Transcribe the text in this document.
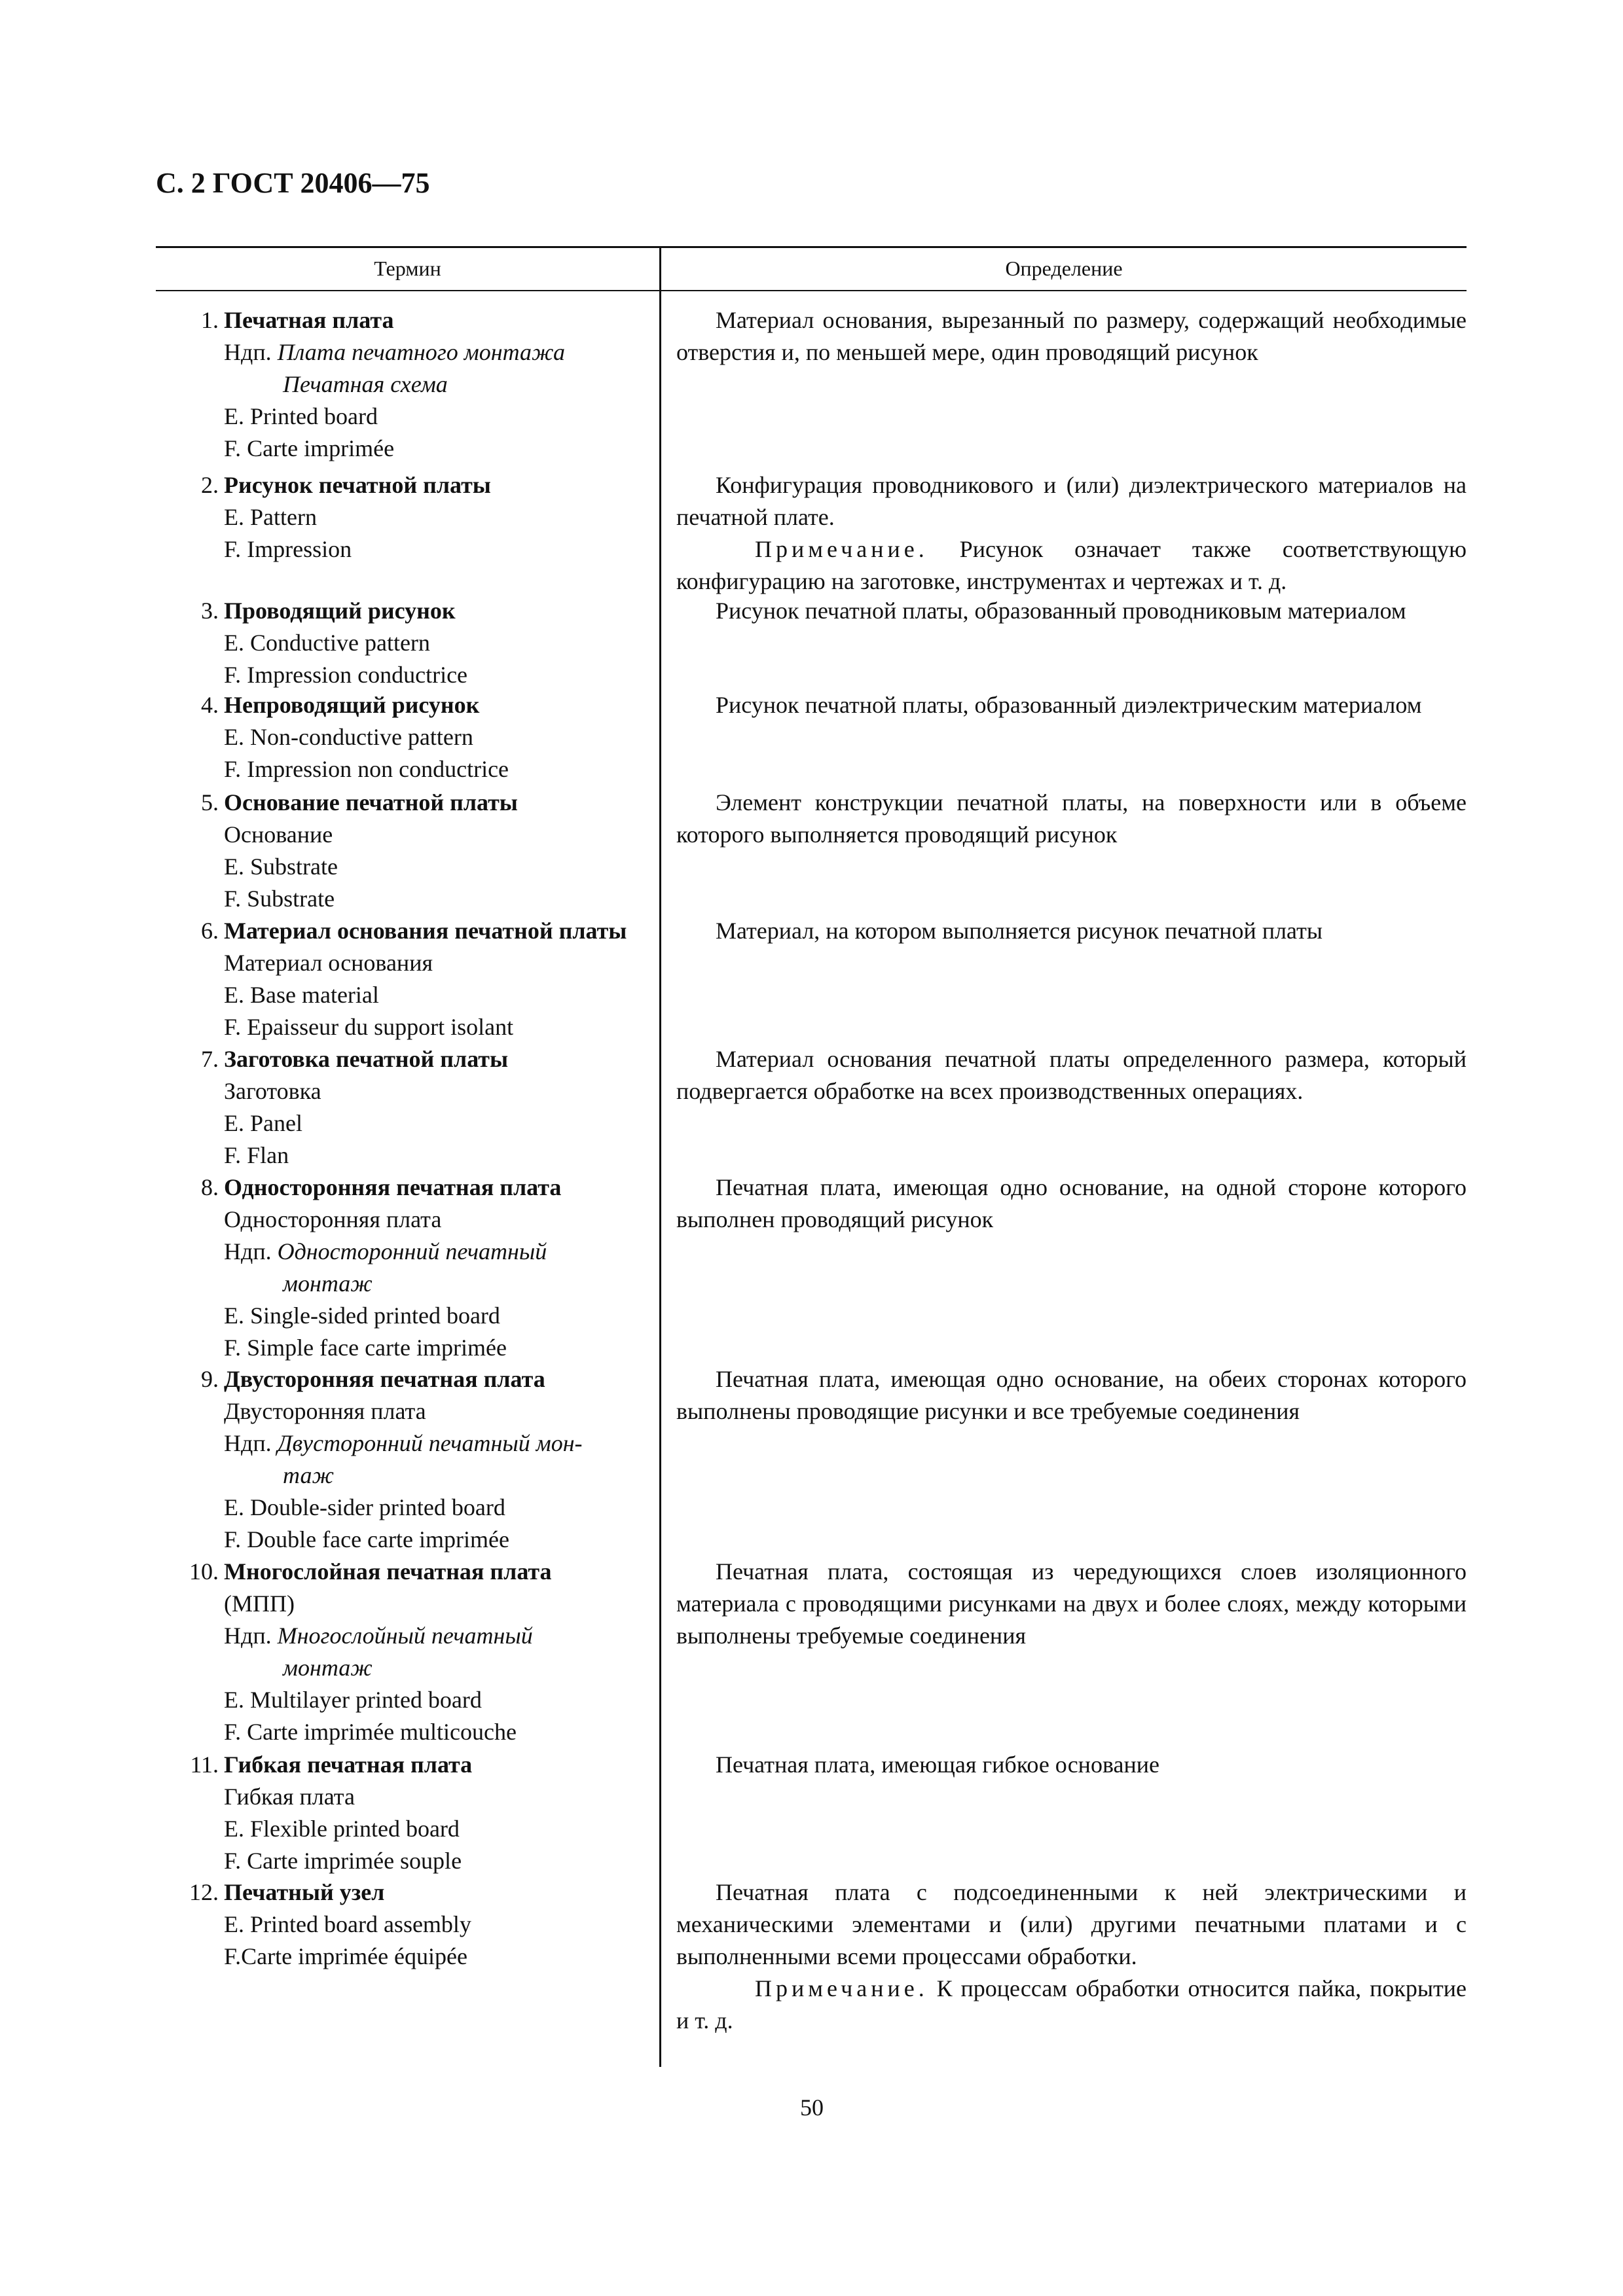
С. 2 ГОСТ 20406—75
Термин	Определение
1. Печатная плата
Ндп. Плата печатного монтажа
Печатная схема
E. Printed board
F. Carte imprimée

Материал основания, вырезанный по размеру, содержащий необходимые отверстия и, по меньшей мере, один проводящий рисунок

2. Рисунок печатной платы
E. Pattern
F. Impression

Конфигурация проводникового и (или) диэлектрического материалов на печатной плате.

Примечание. Рисунок означает также соответствующую конфигурацию на заготовке, инструментах и чертежах и т. д.

3. Проводящий рисунок
E. Conductive pattern
F. Impression conductrice

Рисунок печатной платы, образованный проводниковым материалом

4. Непроводящий рисунок
E. Non-conductive pattern
F. Impression non conductrice

Рисунок печатной платы, образованный диэлектрическим материалом

5. Основание печатной платы
Основание
E. Substrate
F. Substrate

Элемент конструкции печатной платы, на поверхности или в объеме которого выполняется проводящий рисунок

6. Материал основания печатной платы
Материал основания
E. Base material
F. Epaisseur du support isolant

Материал, на котором выполняется рисунок печатной платы

7. Заготовка печатной платы
Заготовка
E. Panel
F. Flan

Материал основания печатной платы определенного размера, который подвергается обработке на всех производственных операциях.

8. Односторонняя печатная плата
Односторонняя плата
Ндп. Односторонний печатный
монтаж
E. Single-sided printed board
F. Simple face carte imprimée

Печатная плата, имеющая одно основание, на одной стороне которого выполнен проводящий рисунок

9. Двусторонняя печатная плата
Двусторонняя плата
Ндп. Двусторонний печатный мон-
таж
E. Double-sider printed board
F. Double face carte imprimée

Печатная плата, имеющая одно основание, на обеих сторонах которого выполнены проводящие рисунки и все требуемые соединения

10. Многослойная печатная плата
(МПП)
Ндп. Многослойный печатный
монтаж
E. Multilayer printed board
F. Carte imprimée multicouche

Печатная плата, состоящая из чередующихся слоев изоляционного материала с проводящими рисунками на двух и более слоях, между которыми выполнены требуемые соединения

11. Гибкая печатная плата
Гибкая плата
E. Flexible printed board
F. Carte imprimée souple

Печатная плата, имеющая гибкое основание

12. Печатный узел
E. Printed board assembly
F.Carte imprimée équipée

Печатная плата с подсоединенными к ней электрическими и механическими элементами и (или) другими печатными платами и с выполненными всеми процессами обработки.

Примечание. К процессам обработки относится пайка, покрытие и т. д.

50
